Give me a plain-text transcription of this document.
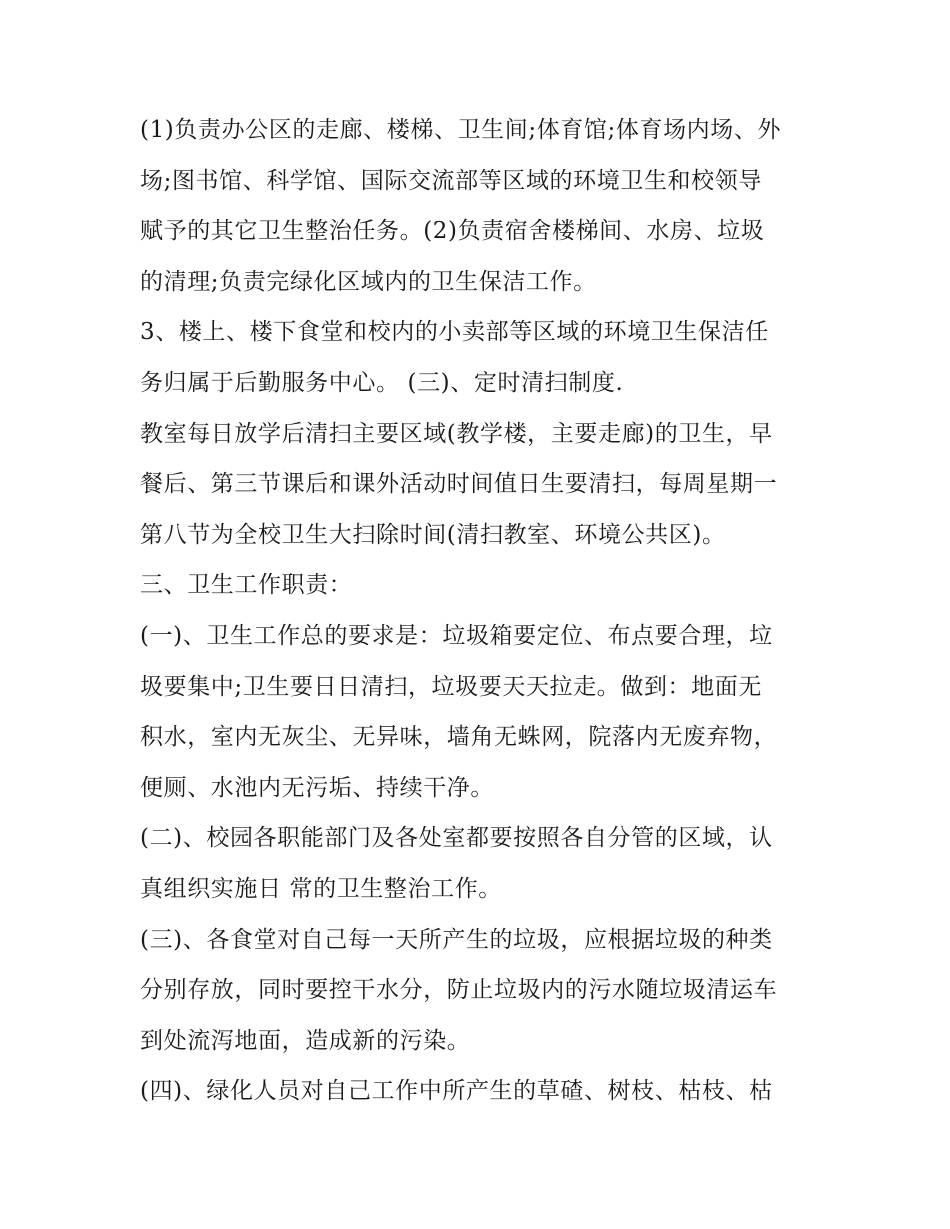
(1)负责办公区的走廊、楼梯、卫生间;体育馆;体育场内场、外

场;图书馆、科学馆、国际交流部等区域的环境卫生和校领导

赋予的其它卫生整治任务。(2)负责宿舍楼梯间、水房、垃圾

的清理;负责完绿化区域内的卫生保洁工作。

3、楼上、楼下食堂和校内的小卖部等区域的环境卫生保洁任

务归属于后勤服务中心。 (三)、定时清扫制度.

教室每日放学后清扫主要区域(教学楼，主要走廊)的卫生，早

餐后、第三节课后和课外活动时间值日生要清扫，每周星期一

第八节为全校卫生大扫除时间(清扫教室、环境公共区)。

三、卫生工作职责：

(一)、卫生工作总的要求是：垃圾箱要定位、布点要合理，垃

圾要集中;卫生要日日清扫，垃圾要天天拉走。做到：地面无

积水，室内无灰尘、无异味，墙角无蛛网，院落内无废弃物，

便厕、水池内无污垢、持续干净。

(二)、校园各职能部门及各处室都要按照各自分管的区域，认

真组织实施日 常的卫生整治工作。

(三)、各食堂对自己每一天所产生的垃圾，应根据垃圾的种类

分别存放，同时要控干水分，防止垃圾内的污水随垃圾清运车

到处流泻地面，造成新的污染。

(四)、绿化人员对自己工作中所产生的草碴、树枝、枯枝、枯
